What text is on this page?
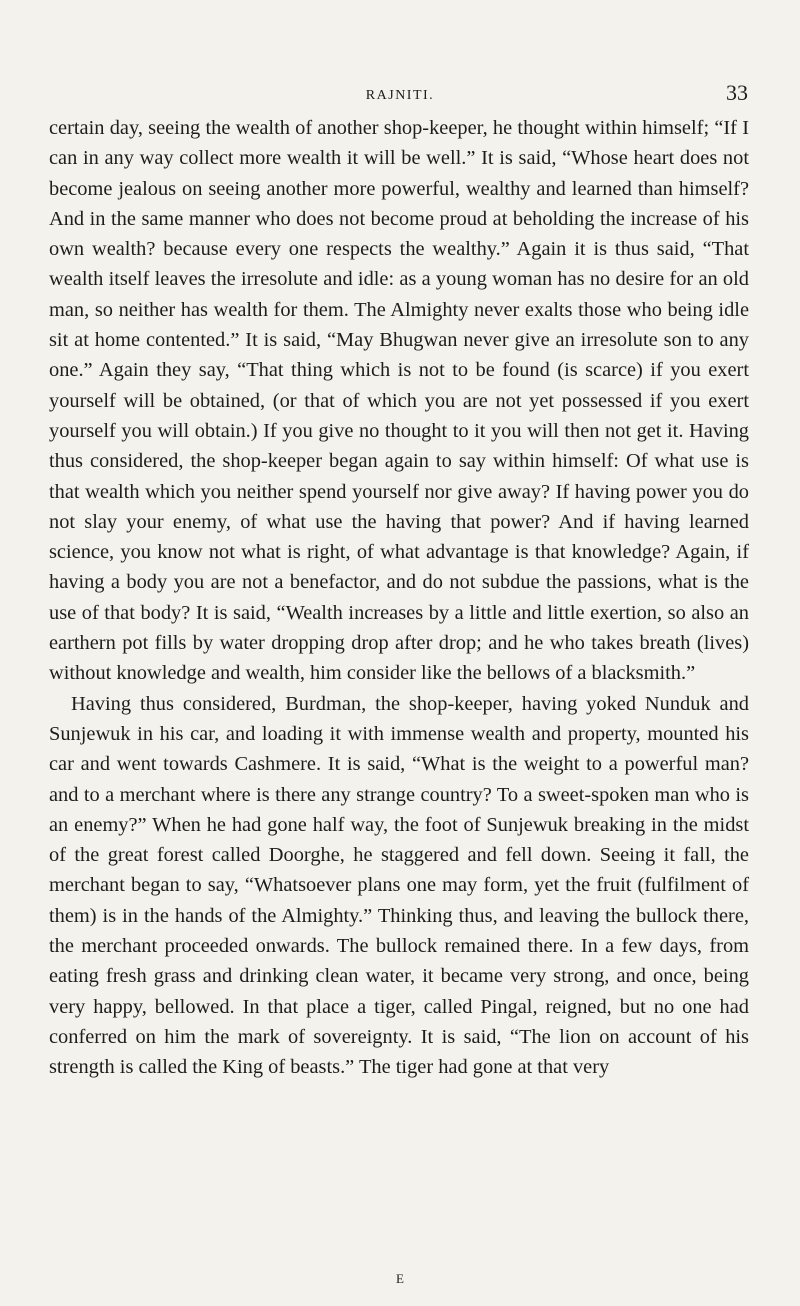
RAJNITI.	33

certain day, seeing the wealth of another shop-keeper, he thought within himself; “If I can in any way collect more wealth it will be well.” It is said, “Whose heart does not become jealous on seeing another more powerful, wealthy and learned than himself? And in the same manner who does not become proud at beholding the increase of his own wealth? because every one respects the wealthy.” Again it is thus said, “That wealth itself leaves the irresolute and idle: as a young woman has no desire for an old man, so neither has wealth for them. The Almighty never exalts those who being idle sit at home contented.” It is said, “May Bhugwan never give an irresolute son to any one.” Again they say, “That thing which is not to be found (is scarce) if you exert yourself will be obtained, (or that of which you are not yet possessed if you exert yourself you will obtain.) If you give no thought to it you will then not get it. Having thus considered, the shop-keeper began again to say within himself: Of what use is that wealth which you neither spend yourself nor give away? If having power you do not slay your enemy, of what use the having that power? And if having learned science, you know not what is right, of what advantage is that knowledge? Again, if having a body you are not a benefactor, and do not subdue the passions, what is the use of that body? It is said, “Wealth increases by a little and little exertion, so also an earthern pot fills by water dropping drop after drop; and he who takes breath (lives) without knowledge and wealth, him consider like the bellows of a blacksmith.”

Having thus considered, Burdman, the shop-keeper, having yoked Nunduk and Sunjewuk in his car, and loading it with immense wealth and property, mounted his car and went towards Cashmere. It is said, “What is the weight to a powerful man? and to a merchant where is there any strange country? To a sweet-spoken man who is an enemy?” When he had gone half way, the foot of Sunjewuk breaking in the midst of the great forest called Doorghe, he staggered and fell down. Seeing it fall, the merchant began to say, “Whatsoever plans one may form, yet the fruit (fulfilment of them) is in the hands of the Almighty.” Thinking thus, and leaving the bullock there, the merchant proceeded onwards. The bullock remained there. In a few days, from eating fresh grass and drinking clean water, it became very strong, and once, being very happy, bellowed. In that place a tiger, called Pingal, reigned, but no one had conferred on him the mark of sovereignty. It is said, “The lion on account of his strength is called the King of beasts.” The tiger had gone at that very

E
